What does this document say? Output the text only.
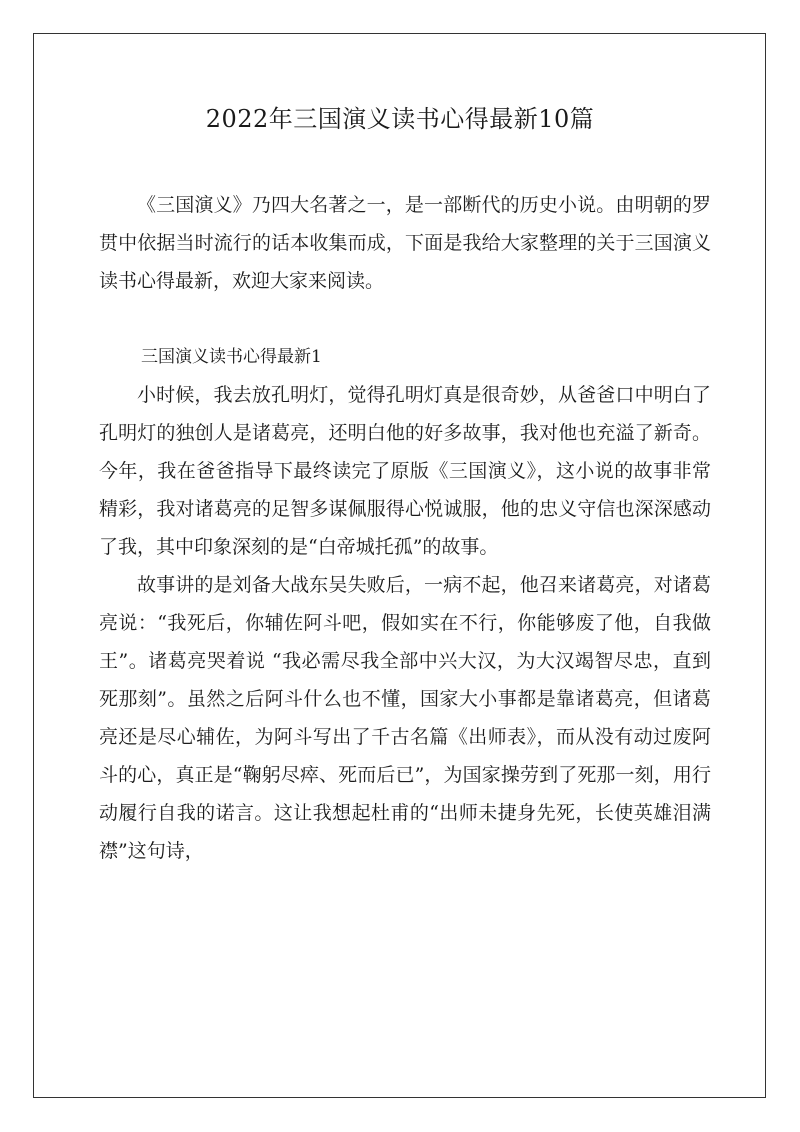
2022年三国演义读书心得最新10篇

《三国演义》乃四大名著之一，是一部断代的历史小说。由明朝的罗贯中依据当时流行的话本收集而成，下面是我给大家整理的关于三国演义读书心得最新，欢迎大家来阅读。

三国演义读书心得最新1

小时候，我去放孔明灯，觉得孔明灯真是很奇妙，从爸爸口中明白了孔明灯的独创人是诸葛亮，还明白他的好多故事，我对他也充溢了新奇。今年，我在爸爸指导下最终读完了原版《三国演义》，这小说的故事非常精彩，我对诸葛亮的足智多谋佩服得心悦诚服，他的忠义守信也深深感动了我，其中印象深刻的是“白帝城托孤”的故事。

故事讲的是刘备大战东吴失败后，一病不起，他召来诸葛亮，对诸葛亮说：“我死后，你辅佐阿斗吧，假如实在不行，你能够废了他，自我做王”。诸葛亮哭着说 “我必需尽我全部中兴大汉，为大汉竭智尽忠，直到死那刻”。虽然之后阿斗什么也不懂，国家大小事都是靠诸葛亮，但诸葛亮还是尽心辅佐，为阿斗写出了千古名篇《出师表》，而从没有动过废阿斗的心，真正是“鞠躬尽瘁、死而后已”，为国家操劳到了死那一刻，用行动履行自我的诺言。这让我想起杜甫的“出师未捷身先死，长使英雄泪满襟”这句诗，
